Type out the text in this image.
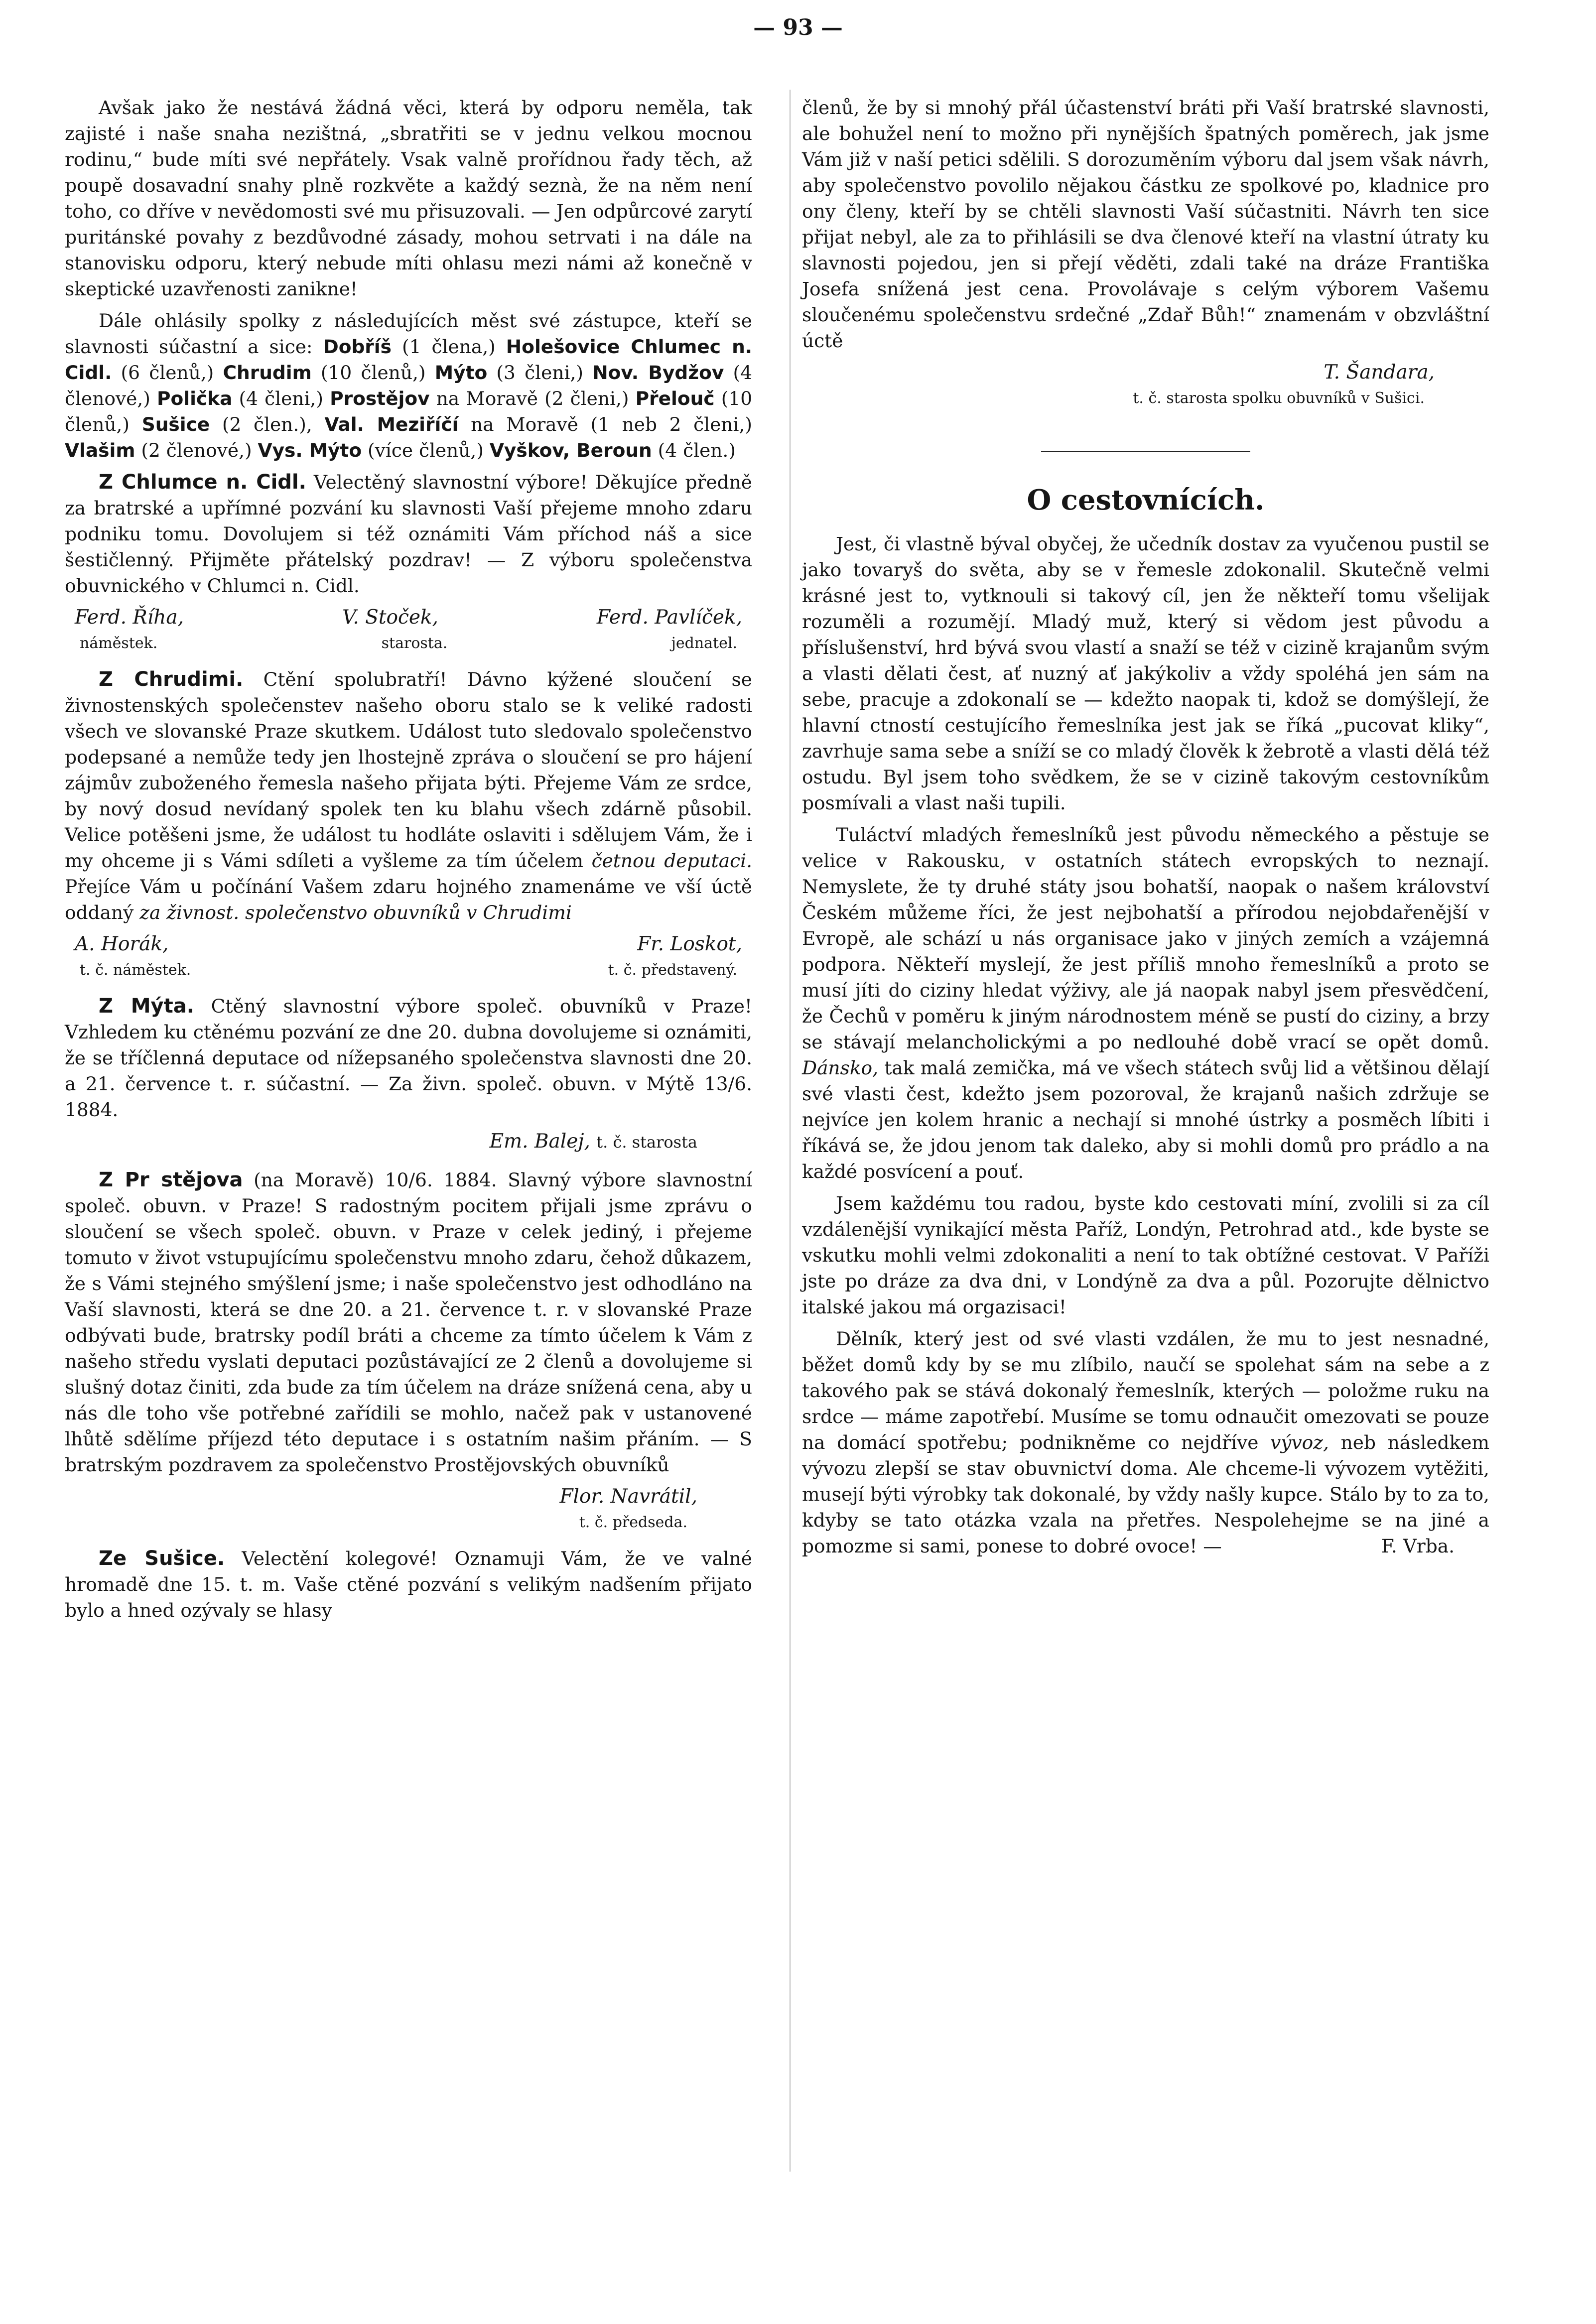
— 93 —

Avšak jako že nestává žádná věci, která by odporu neměla, tak zajisté i naše snaha nezištná, „sbratřiti se v jednu velkou mocnou rodinu,“ bude míti své nepřátely. Vsak valně prořídnou řady těch, až poupě dosavadní snahy plně rozkvěte a každý seznà, že na něm není toho, co dříve v nevědomosti své mu přisuzovali. — Jen odpůrcové zarytí puritánské povahy z bezdůvodné zásady, mohou setrvati i na dále na stanovisku odporu, který nebude míti ohlasu mezi námi až konečně v skeptické uzavřenosti zanikne!

Dále ohlásily spolky z následujících měst své zástupce, kteří se slavnosti súčastní a sice: Dobříš (1 člena,) Holešovice Chlumec n. Cidl. (6 členů,) Chrudim (10 členů,) Mýto (3 členi,) Nov. Bydžov (4 členové,) Polička (4 členi,) Prostějov na Moravě (2 členi,) Přelouč (10 členů,) Sušice (2 člen.), Val. Meziříčí na Moravě (1 neb 2 členi,) Vlašim (2 členové,) Vys. Mýto (více členů,) Vyškov, Beroun (4 člen.)

Z Chlumce n. Cidl. Velectěný slavnostní výbore! Děkujíce předně za bratrské a upřímné pozvání ku slavnosti Vaší přejeme mnoho zdaru podniku tomu. Dovolujem si též oznámiti Vám příchod náš a sice šestičlenný. Přijměte přátelský pozdrav! — Z výboru společenstva obuvnického v Chlumci n. Cidl.

Ferd. Říha,	V. Stoček,	Ferd. Pavlíček,
náměstek.	starosta.	jednatel.

Z Chrudimi. Ctění spolubratří! Dávno kýžené sloučení se živnostenských společenstev našeho oboru stalo se k veliké radosti všech ve slovanské Praze skutkem. Událost tuto sledovalo společenstvo podepsané a nemůže tedy jen lhostejně zpráva o sloučení se pro hájení zájmův zuboženého řemesla našeho přijata býti. Přejeme Vám ze srdce, by nový dosud nevídaný spolek ten ku blahu všech zdárně působil. Velice potěšeni jsme, že událost tu hodláte oslaviti i sdělujem Vám, že i my ohceme ji s Vámi sdíleti a vyšleme za tím účelem četnou deputaci. Přejíce Vám u počínání Vašem zdaru hojného znamenáme ve vší úctě oddaný za živnost. společenstvo obuvníků v Chrudimi

A. Horák,	Fr. Loskot,
t. č. náměstek.	t. č. představený.

Z Mýta. Ctěný slavnostní výbore společ. obuvníků v Praze! Vzhledem ku ctěnému pozvání ze dne 20. dubna dovolujeme si oznámiti, že se tříčlenná deputace od nížepsaného společenstva slavnosti dne 20. a 21. července t. r. súčastní. — Za živn. společ. obuvn. v Mýtě 13/6. 1884.

Em. Balej, t. č. starosta

Z Pr stějova (na Moravě) 10/6. 1884. Slavný výbore slavnostní společ. obuvn. v Praze! S radostným pocitem přijali jsme zprávu o sloučení se všech společ. obuvn. v Praze v celek jediný, i přejeme tomuto v život vstupujícímu společenstvu mnoho zdaru, čehož důkazem, že s Vámi stejného smýšlení jsme; i naše společenstvo jest odhodláno na Vaší slavnosti, která se dne 20. a 21. července t. r. v slovanské Praze odbývati bude, bratrsky podíl bráti a chceme za tímto účelem k Vám z našeho středu vyslati deputaci pozůstávající ze 2 členů a dovolujeme si slušný dotaz činiti, zda bude za tím účelem na dráze snížená cena, aby u nás dle toho vše potřebné zařídili se mohlo, načež pak v ustanovené lhůtě sdělíme příjezd této deputace i s ostatním našim přáním. — S bratrským pozdravem za společenstvo Prostějovských obuvníků

Flor. Navrátil,
t. č. předseda.

Ze Sušice. Velectění kolegové! Oznamuji Vám, že ve valné hromadě dne 15. t. m. Vaše ctěné pozvání s velikým nadšením přijato bylo a hned ozývaly se hlasy

členů, že by si mnohý přál účastenství bráti při Vaší bratrské slavnosti, ale bohužel není to možno při nynějších špatných poměrech, jak jsme Vám již v naší petici sdělili. S dorozuměním výboru dal jsem však návrh, aby společenstvo povolilo nějakou částku ze spolkové po, kladnice pro ony členy, kteří by se chtěli slavnosti Vaší súčastniti. Návrh ten sice přijat nebyl, ale za to přihlásili se dva členové kteří na vlastní útraty ku slavnosti pojedou, jen si přejí věděti, zdali také na dráze Františka Josefa snížená jest cena. Provolávaje s celým výborem Vašemu sloučenému společenstvu srdečné „Zdař Bůh!“ znamenám v obzvláštní úctě

T. Šandara,
t. č. starosta spolku obuvníků v Sušici.
O cestovnících.

Jest, či vlastně býval obyčej, že učedník dostav za vyučenou pustil se jako tovaryš do světa, aby se v řemesle zdokonalil. Skutečně velmi krásné jest to, vytknouli si takový cíl, jen že někteří tomu všelijak rozuměli a rozumějí. Mladý muž, který si vědom jest původu a příslušenství, hrd bývá svou vlastí a snaží se též v cizině krajanům svým a vlasti dělati čest, ať nuzný ať jakýkoliv a vždy spoléhá jen sám na sebe, pracuje a zdokonalí se — kdežto naopak ti, kdož se domýšlejí, že hlavní ctností cestujícího řemeslníka jest jak se říká „pucovat kliky“, zavrhuje sama sebe a sníží se co mladý člověk k žebrotě a vlasti dělá též ostudu. Byl jsem toho svědkem, že se v cizině takovým cestovníkům posmívali a vlast naši tupili.

Tuláctví mladých řemeslníků jest původu německého a pěstuje se velice v Rakousku, v ostatních státech evropských to neznají. Nemyslete, že ty druhé státy jsou bohatší, naopak o našem království Českém můžeme říci, že jest nejbohatší a přírodou nejobdařenější v Evropě, ale schází u nás organisace jako v jiných zemích a vzájemná podpora. Někteří myslejí, že jest příliš mnoho řemeslníků a proto se musí jíti do ciziny hledat výživy, ale já naopak nabyl jsem přesvědčení, že Čechů v poměru k jiným národnostem méně se pustí do ciziny, a brzy se stávají melancholickými a po nedlouhé době vrací se opět domů. Dánsko, tak malá zemička, má ve všech státech svůj lid a většinou dělají své vlasti čest, kdežto jsem pozoroval, že krajanů našich zdržuje se nejvíce jen kolem hranic a nechají si mnohé ústrky a posměch líbiti i říkává se, že jdou jenom tak daleko, aby si mohli domů pro prádlo a na každé posvícení a pouť.

Jsem každému tou radou, byste kdo cestovati míní, zvolili si za cíl vzdálenější vynikající města Paříž, Londýn, Petrohrad atd., kde byste se vskutku mohli velmi zdokonaliti a není to tak obtížné cestovat. V Paříži jste po dráze za dva dni, v Londýně za dva a půl. Pozorujte dělnictvo italské jakou má orgazisaci!

Dělník, který jest od své vlasti vzdálen, že mu to jest nesnadné, běžet domů kdy by se mu zlíbilo, naučí se spolehat sám na sebe a z takového pak se stává dokonalý řemeslník, kterých — položme ruku na srdce — máme zapotřebí. Musíme se tomu odnaučit omezovati se pouze na domácí spotřebu; podnikněme co nejdříve vývoz, neb následkem vývozu zlepší se stav obuvnictví doma. Ale chceme-li vývozem vytěžiti, musejí býti výrobky tak dokonalé, by vždy našly kupce. Stálo by to za to, kdyby se tato otázka vzala na přetřes. Nespolehejme se na jiné a pomozme si sami, ponese to dobré ovoce! —	F. Vrba.
